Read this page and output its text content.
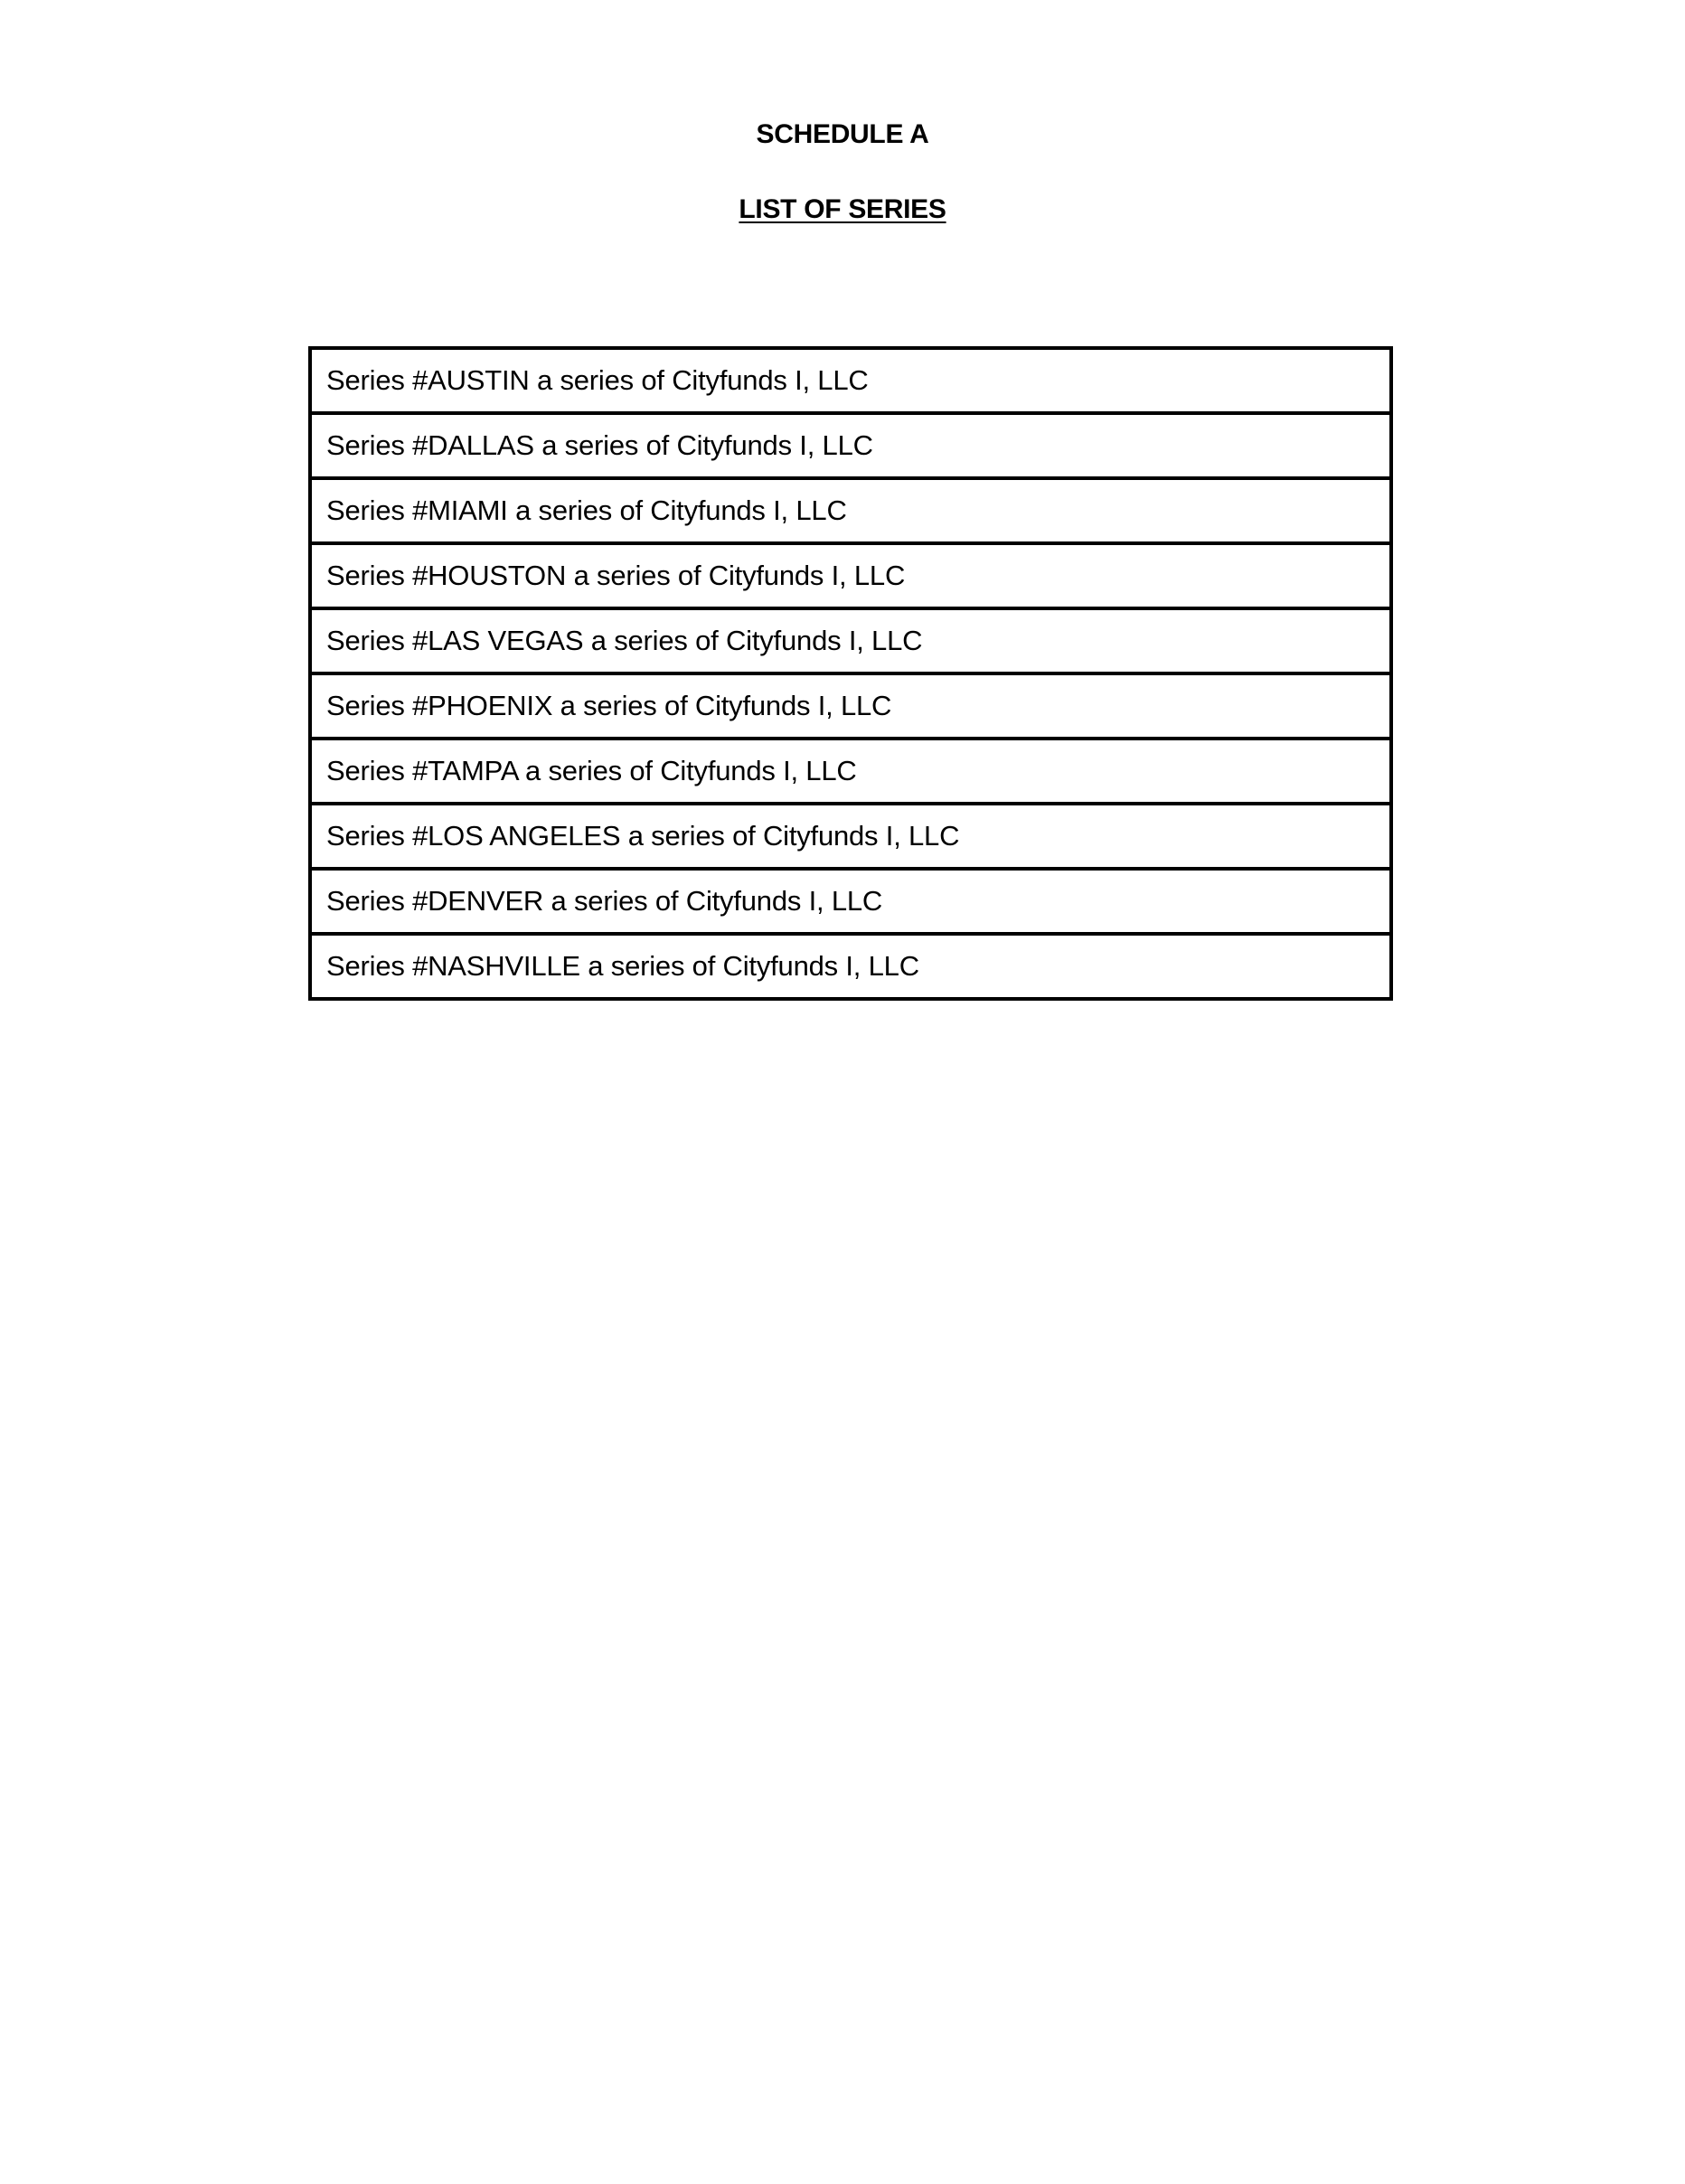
SCHEDULE A
LIST OF SERIES
Series #AUSTIN a series of Cityfunds I, LLC
Series #DALLAS a series of Cityfunds I, LLC
Series #MIAMI a series of Cityfunds I, LLC
Series #HOUSTON a series of Cityfunds I, LLC
Series #LAS VEGAS a series of Cityfunds I, LLC
Series #PHOENIX a series of Cityfunds I, LLC
Series #TAMPA a series of Cityfunds I, LLC
Series #LOS ANGELES a series of Cityfunds I, LLC
Series #DENVER a series of Cityfunds I, LLC
Series #NASHVILLE a series of Cityfunds I, LLC
